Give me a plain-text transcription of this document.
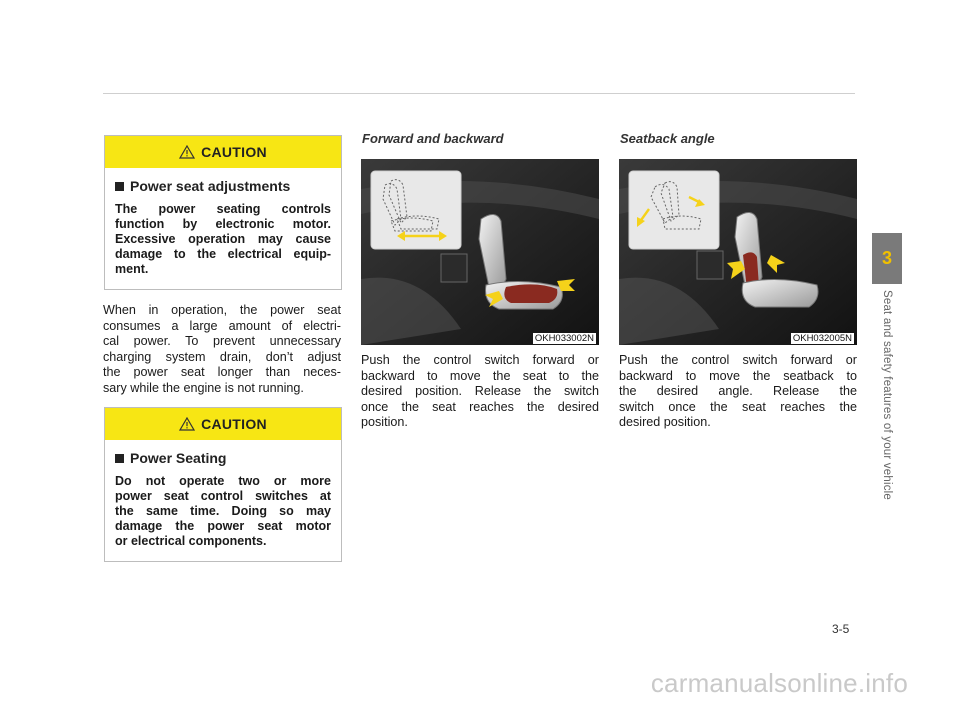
CAUTION
Power seat adjustments

The power seating controls
function by electronic motor.
Excessive operation may cause
damage to the electrical equip-
ment.

When in operation, the power seat
consumes a large amount of electri-
cal power. To prevent unnecessary
charging system drain, don’t adjust
the power seat longer than neces-
sary while the engine is not running.

CAUTION
Power Seating

Do not operate two or more
power seat control switches at
the same time. Doing so may
damage the power seat motor
or electrical components.

Forward and backward

OKH033002N

Push the control switch forward or
backward to move the seat to the
desired position. Release the switch
once the seat reaches the desired
position.

Seatback angle

OKH032005N

Push the control switch forward or
backward to move the seatback to
the desired angle. Release the
switch once the seat reaches the
desired position.

3
Seat and safety features of your vehicle
3-5
carmanualsonline.info
